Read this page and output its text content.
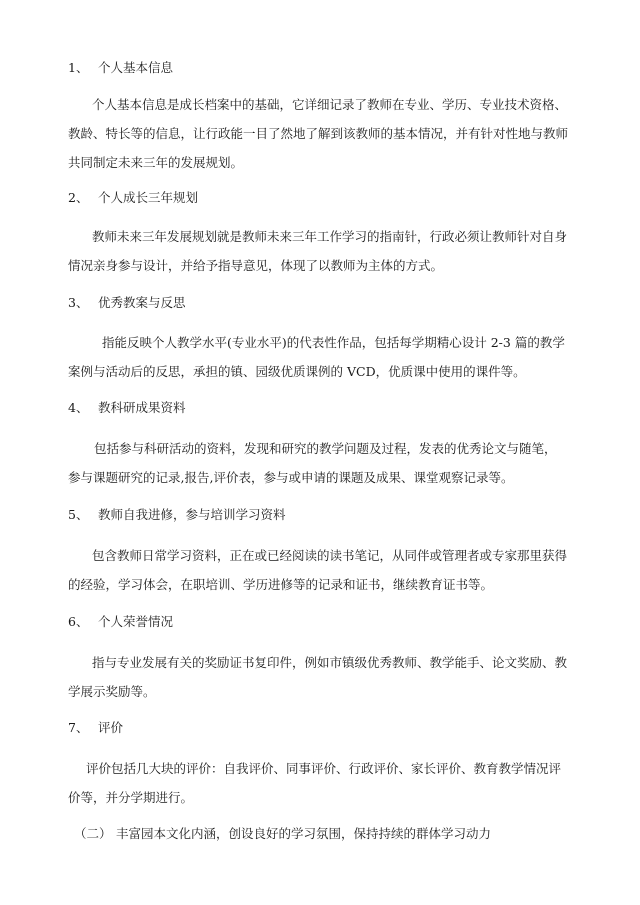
1、 个人基本信息
个人基本信息是成长档案中的基础，它详细记录了教师在专业、学历、专业技术资格、
教龄、特长等的信息，让行政能一目了然地了解到该教师的基本情况，并有针对性地与教师
共同制定未来三年的发展规划。
2、 个人成长三年规划
教师未来三年发展规划就是教师未来三年工作学习的指南针，行政必须让教师针对自身
情况亲身参与设计，并给予指导意见，体现了以教师为主体的方式。
3、 优秀教案与反思
指能反映个人教学水平(专业水平)的代表性作品，包括每学期精心设计 2-3 篇的教学
案例与活动后的反思，承担的镇、园级优质课例的 VCD，优质课中使用的课件等。
4、 教科研成果资料
包括参与科研活动的资料，发现和研究的教学问题及过程，发表的优秀论文与随笔，
参与课题研究的记录,报告,评价表，参与或申请的课题及成果、课堂观察记录等。
5、 教师自我进修，参与培训学习资料
包含教师日常学习资料，正在或已经阅读的读书笔记，从同伴或管理者或专家那里获得
的经验，学习体会，在职培训、学历进修等的记录和证书，继续教育证书等。
6、 个人荣誉情况
指与专业发展有关的奖励证书复印件，例如市镇级优秀教师、教学能手、论文奖励、教
学展示奖励等。
7、 评价
评价包括几大块的评价：自我评价、同事评价、行政评价、家长评价、教育教学情况评
价等，并分学期进行。
（二） 丰富园本文化内涵，创设良好的学习氛围，保持持续的群体学习动力
